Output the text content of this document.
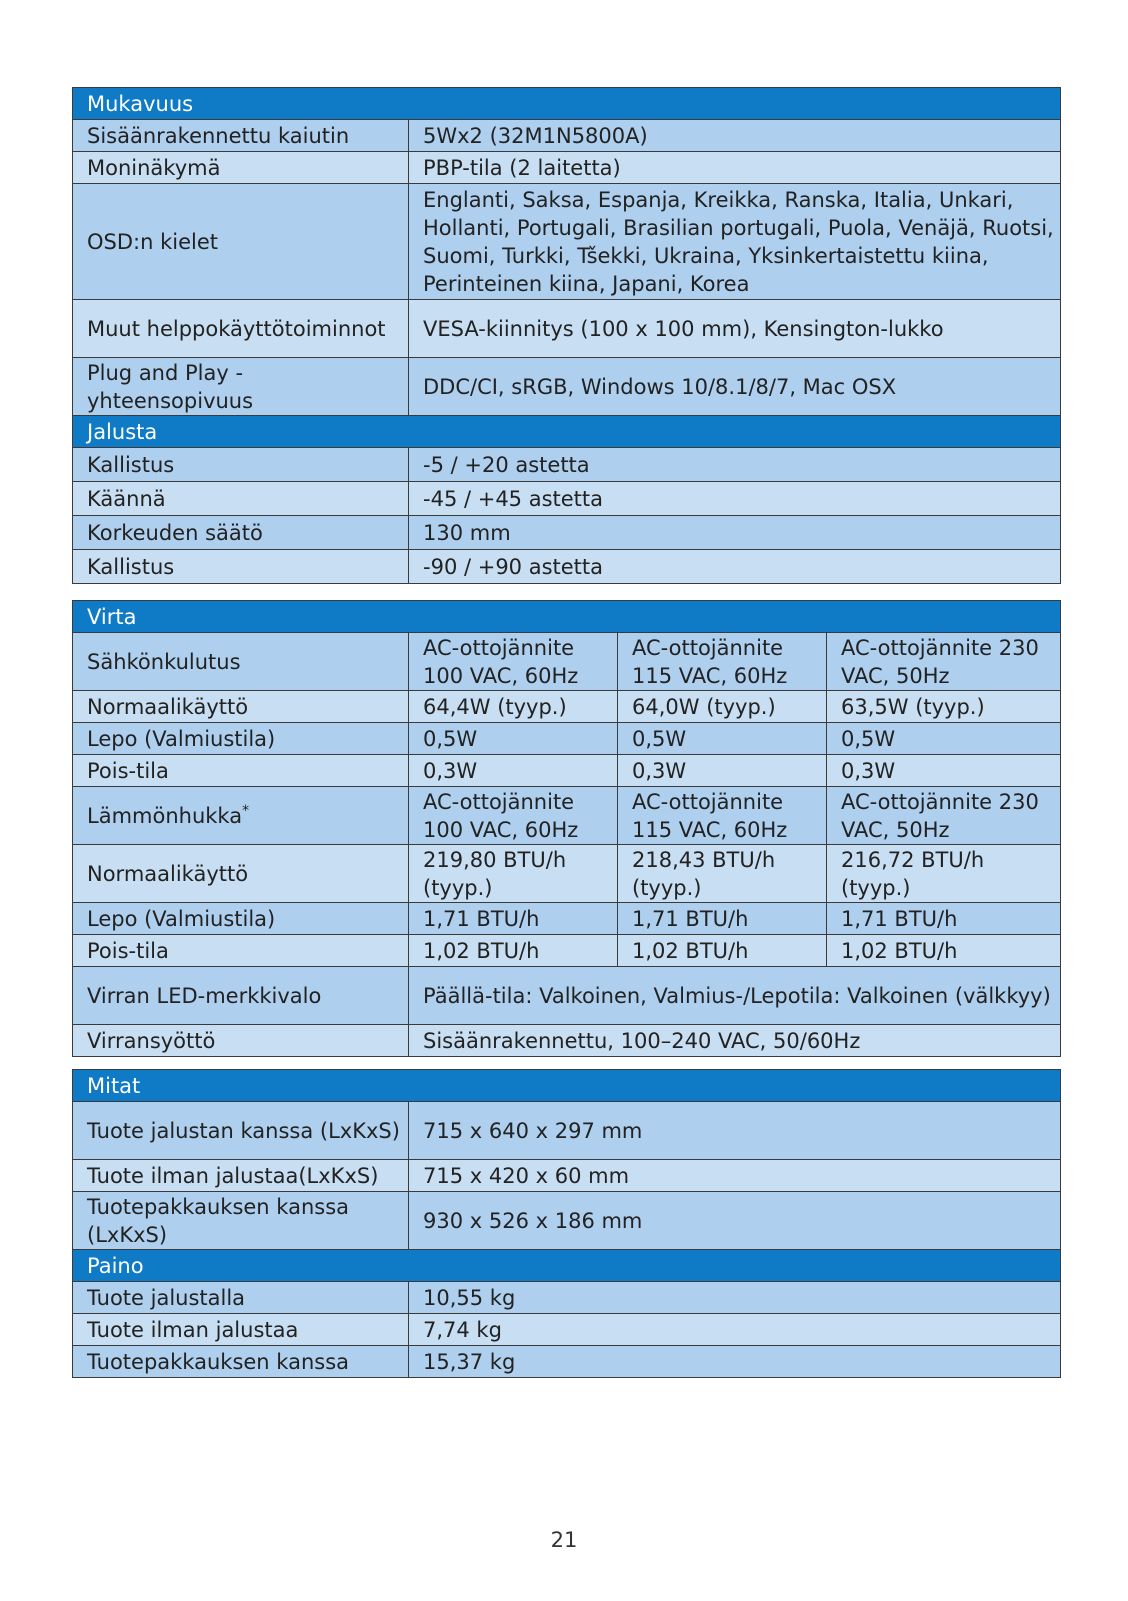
Mukavuus	
Sisäänrakennettu kaiutin	5Wx2 (32M1N5800A)
Moninäkymä	PBP-tila (2 laitetta)
OSD:n kielet	Englanti, Saksa, Espanja, Kreikka, Ranska, Italia, Unkari, Hollanti, Portugali, Brasilian portugali, Puola, Venäjä, Ruotsi, Suomi, Turkki, Tšekki, Ukraina, Yksinkertaistettu kiina, Perinteinen kiina, Japani, Korea
Muut helppokäyttötoiminnot	VESA-kiinnitys (100 x 100 mm), Kensington-lukko
Plug and Play -yhteensopivuus	DDC/CI, sRGB, Windows 10/8.1/8/7, Mac OSX
Jalusta	
Kallistus	-5 / +20 astetta
Käännä	-45 / +45 astetta
Korkeuden säätö	130 mm
Kallistus	-90 / +90 astetta
Virta			
Sähkönkulutus	AC-ottojännite 100 VAC, 60Hz	AC-ottojännite 115 VAC, 60Hz	AC-ottojännite 230 VAC, 50Hz
Normaalikäyttö	64,4W (tyyp.)	64,0W (tyyp.)	63,5W (tyyp.)
Lepo (Valmiustila)	0,5W	0,5W	0,5W
Pois-tila	0,3W	0,3W	0,3W
Lämmönhukka*	AC-ottojännite 100 VAC, 60Hz	AC-ottojännite 115 VAC, 60Hz	AC-ottojännite 230 VAC, 50Hz
Normaalikäyttö	219,80 BTU/h (tyyp.)	218,43 BTU/h (tyyp.)	216,72 BTU/h (tyyp.)
Lepo (Valmiustila)	1,71 BTU/h	1,71 BTU/h	1,71 BTU/h
Pois-tila	1,02 BTU/h	1,02 BTU/h	1,02 BTU/h
Virran LED-merkkivalo	Päällä-tila: Valkoinen, Valmius-/Lepotila: Valkoinen (välkkyy)		
Virransyöttö	Sisäänrakennettu, 100–240 VAC, 50/60Hz		
Mitat	
Tuote jalustan kanssa (LxKxS)	715 x 640 x 297 mm
Tuote ilman jalustaa(LxKxS)	715 x 420 x 60 mm
Tuotepakkauksen kanssa (LxKxS)	930 x 526 x 186 mm
Paino	
Tuote jalustalla	10,55 kg
Tuote ilman jalustaa	7,74 kg
Tuotepakkauksen kanssa	15,37 kg
21
